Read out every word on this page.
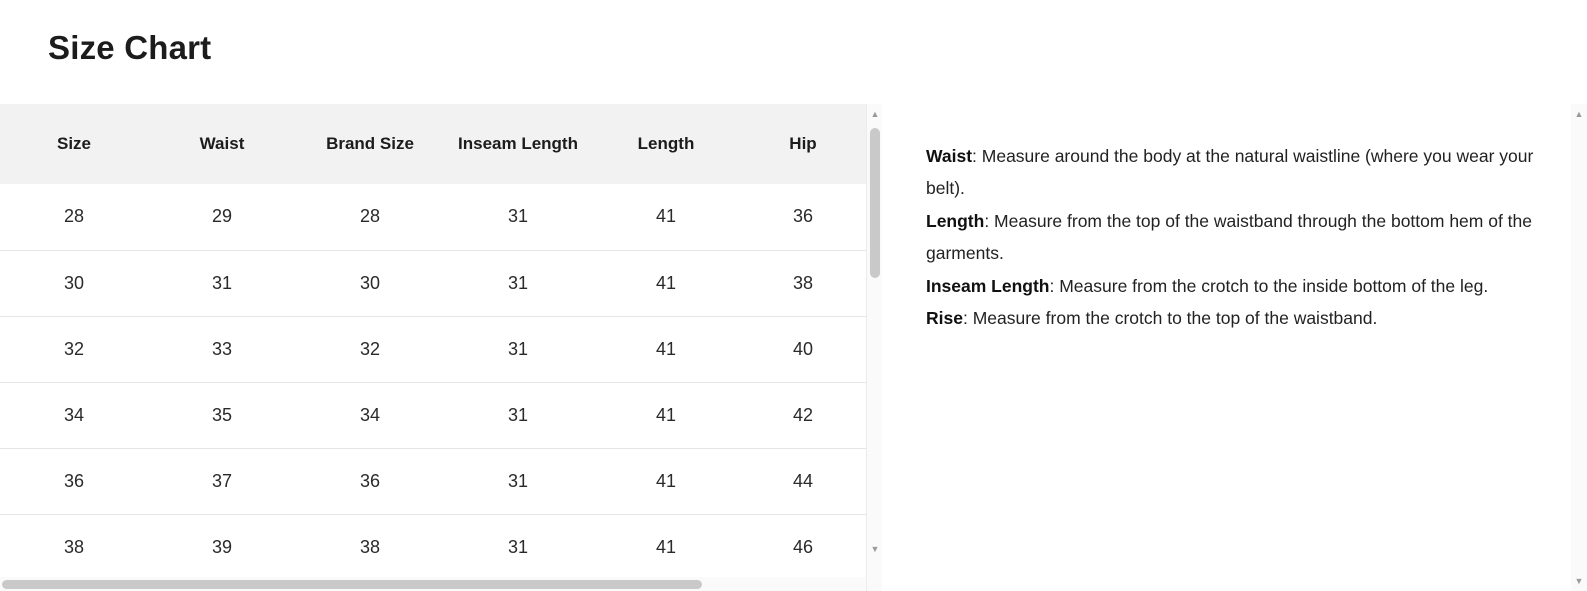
Size Chart
Size	Waist	Brand Size	Inseam Length	Length	Hip
28	29	28	31	41	36
30	31	30	31	41	38
32	33	32	31	41	40
34	35	34	31	41	42
36	37	36	31	41	44
38	39	38	31	41	46
▲
▼

Waist: Measure around the body at the natural waistline (where you wear your belt).

Length: Measure from the top of the waistband through the bottom hem of the garments.

Inseam Length: Measure from the crotch to the inside bottom of the leg.

Rise: Measure from the crotch to the top of the waistband.

▲
▼
